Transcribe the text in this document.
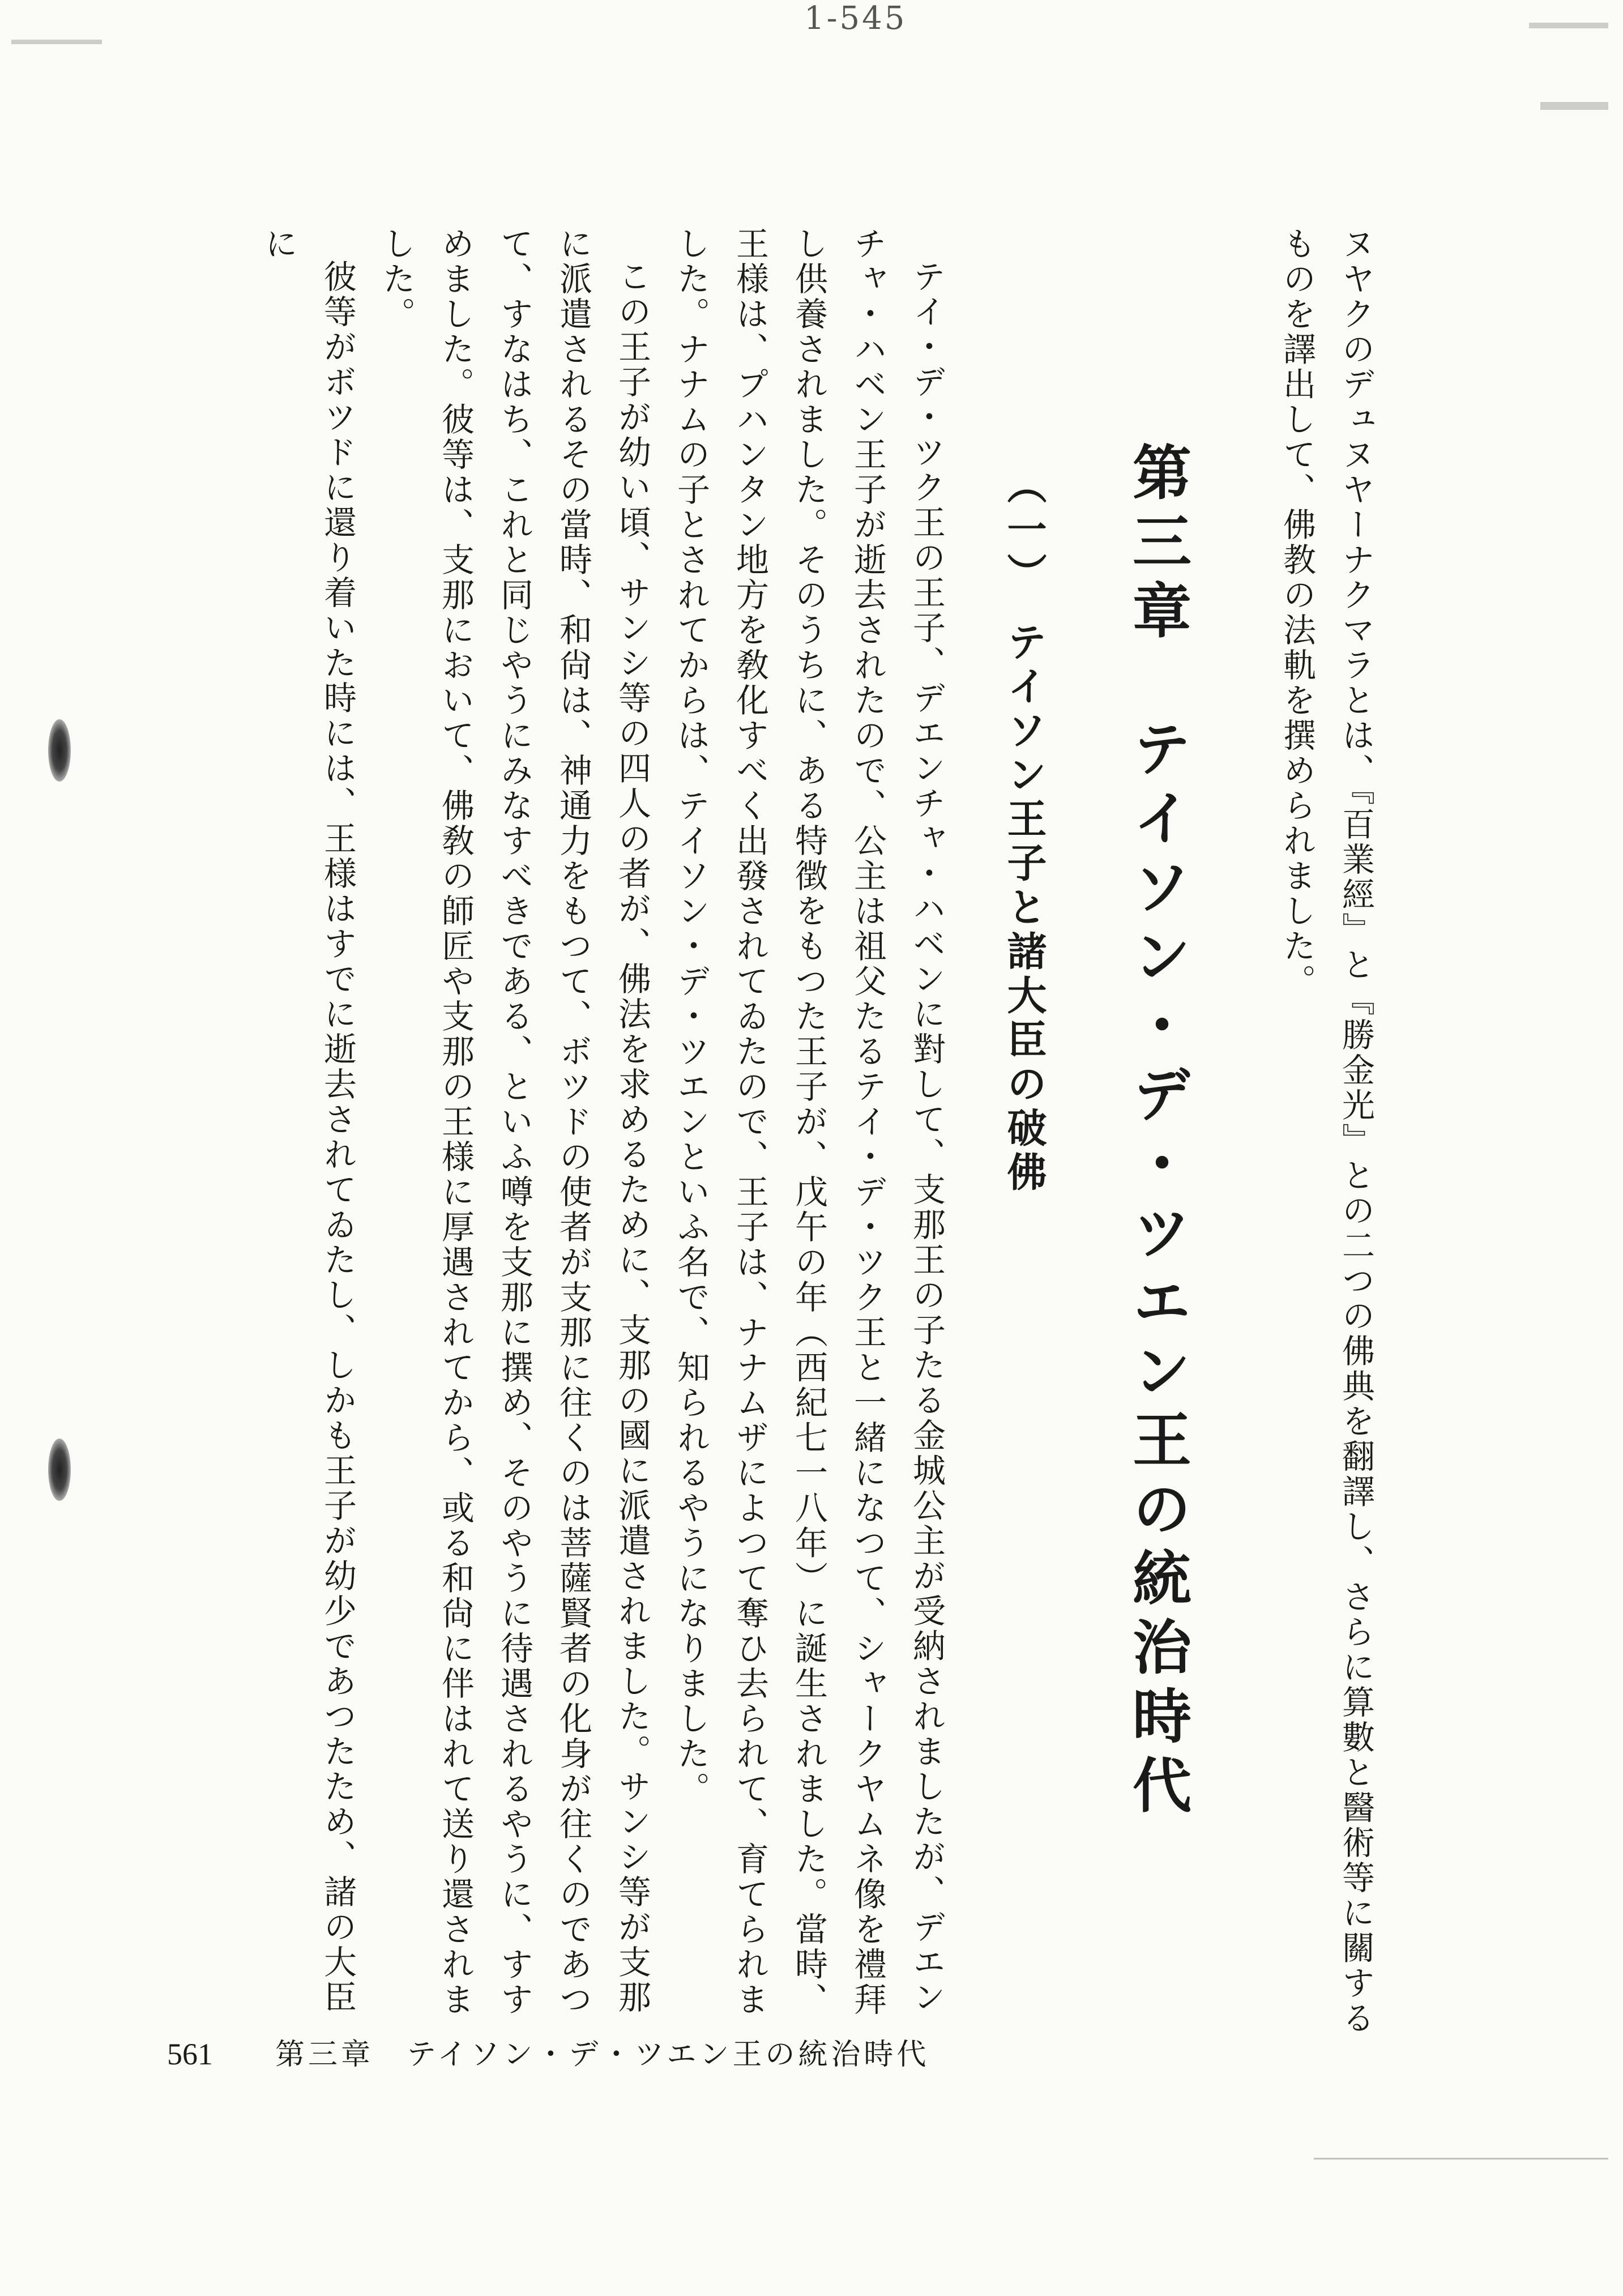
1-545

ヌヤクのデュヌヤーナクマラとは、『百業經』と『勝金光』との二つの佛典を翻譯し、さらに算數と醫術等に關するものを譯出して、佛教の法軌を撰められました。

第三章　テイソン・デ・ツエン王の統治時代
（一）　テイソン王子と諸大臣の破佛

テイ・デ・ツク王の王子、デエンチャ・ハベンに對して、支那王の子たる金城公主が受納されましたが、デエンチャ・ハベン王子が逝去されたので、公主は祖父たるテイ・デ・ツク王と一緒になつて、シャークヤムネ像を禮拜し供養されました。そのうちに、ある特徴をもつた王子が、戊午の年（西紀七一八年）に誕生されました。當時、王様は、プハンタン地方を敎化すべく出發されてゐたので、王子は、ナナムザによつて奪ひ去られて、育てられました。ナナムの子とされてからは、テイソン・デ・ツエンといふ名で、知られるやうになりました。

この王子が幼い頃、サンシ等の四人の者が、佛法を求めるために、支那の國に派遣されました。サンシ等が支那に派遣されるその當時、和尙は、神通力をもつて、ボツドの使者が支那に往くのは菩薩賢者の化身が往くのであつて、すなはち、これと同じやうにみなすべきである、といふ噂を支那に撰め、そのやうに待遇されるやうに、すすめました。彼等は、支那において、佛敎の師匠や支那の王様に厚遇されてから、或る和尙に伴はれて送り還されました。

彼等がボツドに還り着いた時には、王様はすでに逝去されてゐたし、しかも王子が幼少であつたため、諸の大臣に

561 第三章　テイソン・デ・ツエン王の統治時代
